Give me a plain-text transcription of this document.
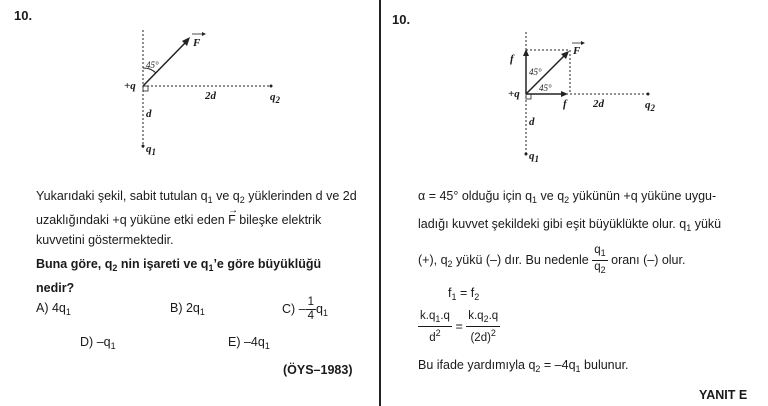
10.
F
45°
+q
2d	$q_2$
d
$q_1$
Yukarıdaki şekil, sabit tutulan $q_1$ ve $q_2$ yüklerinden d ve 2d
uzaklığındaki +q yüküne etki eden → F bileşke elektrik
kuvvetini göstermektedir.
Buna göre, $q_2$ nin işareti ve $q_1’e$ göre büyüklüğü
nedir?
A) $4q_1$	B) $2q_1$	$C) - \frac{1}{4} q_1$
D) $-q_1$	E) $-4q_1$
(ÖYS–1983)
10.
f
F
45°
45°
+q
f 2d	$q_2$
d
$q_1$
α = 45° olduğu için $q_1$ ve $q_2$ yükünün +q yüküne uygu-
ladığı kuvvet şekildeki gibi eşit büyüklükte olur. $q_1$ yükü
(+), $q_2$ yükü (–) dır. Bu nedenle $\frac{q_1}{q_2}$ oranı (–) olur.
$f_1 = f_2$
$\frac{k.q_1.q}{d^2} = \frac{k.q_2.q}{(2d)^2}$
Bu ifade yardımıyla $q_2 = -4q_1$ bulunur.
YANIT E
